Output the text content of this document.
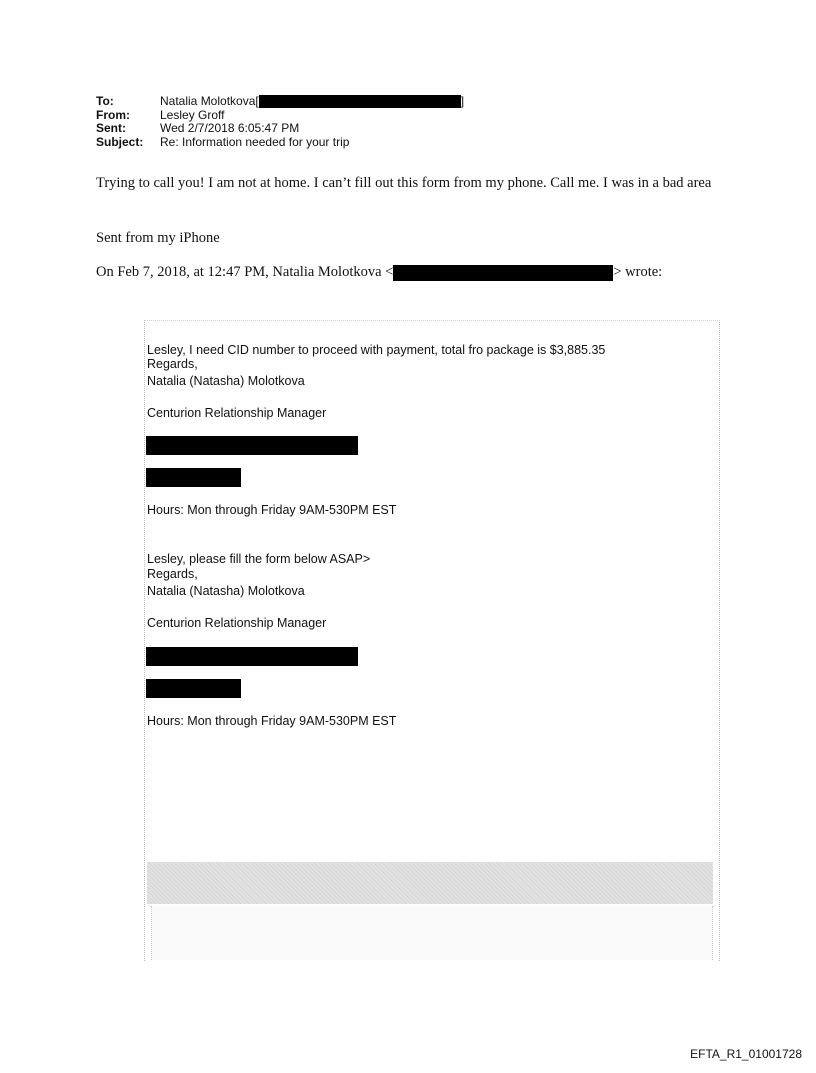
To:	Natalia Molotkova[	]
From:	Lesley Groff
Sent:	Wed 2/7/2018 6:05:47 PM
Subject:	Re: Information needed for your trip
Trying to call you! I am not at home. I can’t fill out this form from my phone. Call me. I was in a bad area
Sent from my iPhone
On Feb 7, 2018, at 12:47 PM, Natalia Molotkova <	> wrote:
Lesley, I need CID number to proceed with payment, total fro package is $3,885.35
Regards,
Natalia (Natasha) Molotkova
Centurion Relationship Manager
Hours: Mon through Friday 9AM-530PM EST
Lesley, please fill the form below ASAP>
Regards,
Natalia (Natasha) Molotkova
Centurion Relationship Manager
Hours: Mon through Friday 9AM-530PM EST
EFTA_R1_01001728
